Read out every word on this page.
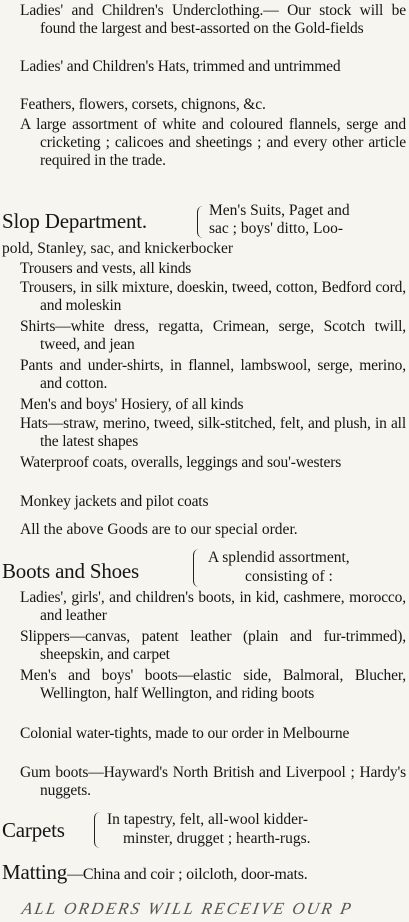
Ladies' and Children's Underclothing.— Our stock will be found the largest and best-assorted on the Gold-fields
Ladies' and Children's Hats, trimmed and untrimmed
Feathers, flowers, corsets, chignons, &c.
A large assortment of white and coloured flannels, serge and cricketing ; calicoes and sheetings ; and every other article required in the trade.
Slop Department.	Men's Suits, Paget and
sac ; boys' ditto, Loo-
pold, Stanley, sac, and knickerbocker
Trousers and vests, all kinds
Trousers, in silk mixture, doeskin, tweed, cotton, Bedford cord, and moleskin
Shirts—white dress, regatta, Crimean, serge, Scotch twill, tweed, and jean
Pants and under-shirts, in flannel, lambswool, serge, merino, and cotton.
Men's and boys' Hosiery, of all kinds
Hats—straw, merino, tweed, silk-stitched, felt, and plush, in all the latest shapes
Waterproof coats, overalls, leggings and sou'-westers
Monkey jackets and pilot coats
All the above Goods are to our special order.
Boots and Shoes
A splendid assortment,
consisting of :
Ladies', girls', and children's boots, in kid, cashmere, morocco, and leather
Slippers—canvas, patent leather (plain and fur-trimmed), sheepskin, and carpet
Men's and boys' boots—elastic side, Balmoral, Blucher, Wellington, half Wellington, and riding boots
Colonial water-tights, made to our order in Melbourne
Gum boots—Hayward's North British and Liverpool ; Hardy's nuggets.
Carpets	In tapestry, felt, all-wool kidder-
minster, drugget ; hearth-rugs.
Matting—China and coir ; oilcloth, door-mats.
ALL ORDERS WILL RECEIVE OUR P
